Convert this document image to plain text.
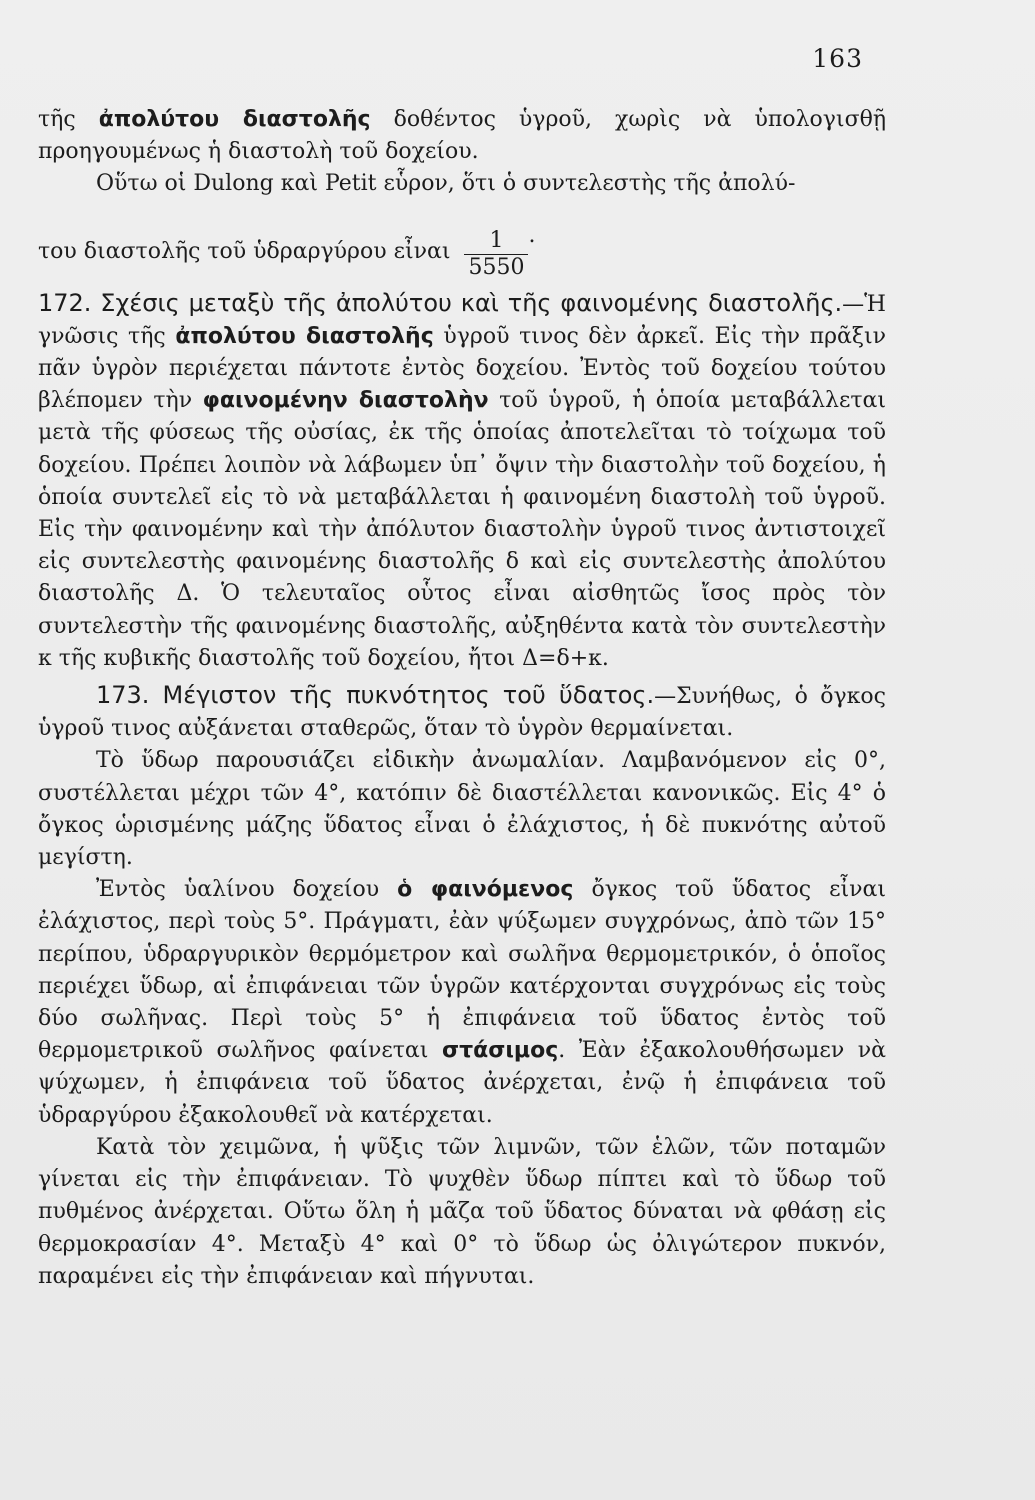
163

τῆς ἀπολύτου διαστολῆς δοθέντος ὑγροῦ, χωρὶς νὰ ὑπολογισθῇ προηγουμένως ἡ διαστολὴ τοῦ δοχείου.

Οὕτω οἱ Dulong καὶ Petit εὗρον, ὅτι ὁ συντελεστὴς τῆς ἀπολύ-

του διαστολῆς τοῦ ὑδραργύρου εἶναι $\frac{1}{5550}$ .

172. Σχέσις μεταξὺ τῆς ἀπολύτου καὶ τῆς φαινομένης διαστολῆς.—Ἡ γνῶσις τῆς ἀπολύτου διαστολῆς ὑγροῦ τινος δὲν ἀρκεῖ. Εἰς τὴν πρᾶξιν πᾶν ὑγρὸν περιέχεται πάντοτε ἐντὸς δοχείου. Ἐντὸς τοῦ δοχείου τούτου βλέπομεν τὴν φαινομένην διαστολὴν τοῦ ὑγροῦ, ἡ ὁποία μεταβάλλεται μετὰ τῆς φύσεως τῆς οὐσίας, ἐκ τῆς ὁποίας ἀποτελεῖται τὸ τοίχωμα τοῦ δοχείου. Πρέπει λοιπὸν νὰ λάβωμεν ὑπ᾽ ὄψιν τὴν διαστολὴν τοῦ δοχείου, ἡ ὁποία συντελεῖ εἰς τὸ νὰ μεταβάλλεται ἡ φαινομένη διαστολὴ τοῦ ὑγροῦ. Εἰς τὴν φαινομένην καὶ τὴν ἀπόλυτον διαστολὴν ὑγροῦ τινος ἀντιστοιχεῖ εἰς συντελεστὴς φαινομένης διαστολῆς δ καὶ εἰς συντελεστὴς ἀπολύτου διαστολῆς Δ. Ὁ τελευταῖος οὗτος εἶναι αἰσθητῶς ἴσος πρὸς τὸν συντελεστὴν τῆς φαινομένης διαστολῆς, αὐξηθέντα κατὰ τὸν συντελεστὴν κ τῆς κυβικῆς διαστολῆς τοῦ δοχείου, ἤτοι Δ=δ+κ.

173. Μέγιστον τῆς πυκνότητος τοῦ ὕδατος.—Συνήθως, ὁ ὄγκος ὑγροῦ τινος αὐξάνεται σταθερῶς, ὅταν τὸ ὑγρὸν θερμαίνεται.

Τὸ ὕδωρ παρουσιάζει εἰδικὴν ἀνωμαλίαν. Λαμβανόμενον εἰς 0°, συστέλλεται μέχρι τῶν 4°, κατόπιν δὲ διαστέλλεται κανονικῶς. Εἰς 4° ὁ ὄγκος ὡρισμένης μάζης ὕδατος εἶναι ὁ ἐλάχιστος, ἡ δὲ πυκνότης αὐτοῦ μεγίστη.

Ἐντὸς ὑαλίνου δοχείου ὁ φαινόμενος ὄγκος τοῦ ὕδατος εἶναι ἐλάχιστος, περὶ τοὺς 5°. Πράγματι, ἐὰν ψύξωμεν συγχρόνως, ἀπὸ τῶν 15° περίπου, ὑδραργυρικὸν θερμόμετρον καὶ σωλῆνα θερμομετρικόν, ὁ ὁποῖος περιέχει ὕδωρ, αἱ ἐπιφάνειαι τῶν ὑγρῶν κατέρχονται συγχρόνως εἰς τοὺς δύο σωλῆνας. Περὶ τοὺς 5° ἡ ἐπιφάνεια τοῦ ὕδατος ἐντὸς τοῦ θερμομετρικοῦ σωλῆνος φαίνεται στάσιμος. Ἐὰν ἐξακολουθήσωμεν νὰ ψύχωμεν, ἡ ἐπιφάνεια τοῦ ὕδατος ἀνέρχεται, ἐνῷ ἡ ἐπιφάνεια τοῦ ὑδραργύρου ἐξακολουθεῖ νὰ κατέρχεται.

Κατὰ τὸν χειμῶνα, ἡ ψῦξις τῶν λιμνῶν, τῶν ἑλῶν, τῶν ποταμῶν γίνεται εἰς τὴν ἐπιφάνειαν. Τὸ ψυχθὲν ὕδωρ πίπτει καὶ τὸ ὕδωρ τοῦ πυθμένος ἀνέρχεται. Οὕτω ὅλη ἡ μᾶζα τοῦ ὕδατος δύναται νὰ φθάσῃ εἰς θερμοκρασίαν 4°. Μεταξὺ 4° καὶ 0° τὸ ὕδωρ ὡς ὀλιγώτερον πυκνόν, παραμένει εἰς τὴν ἐπιφάνειαν καὶ πήγνυται.
